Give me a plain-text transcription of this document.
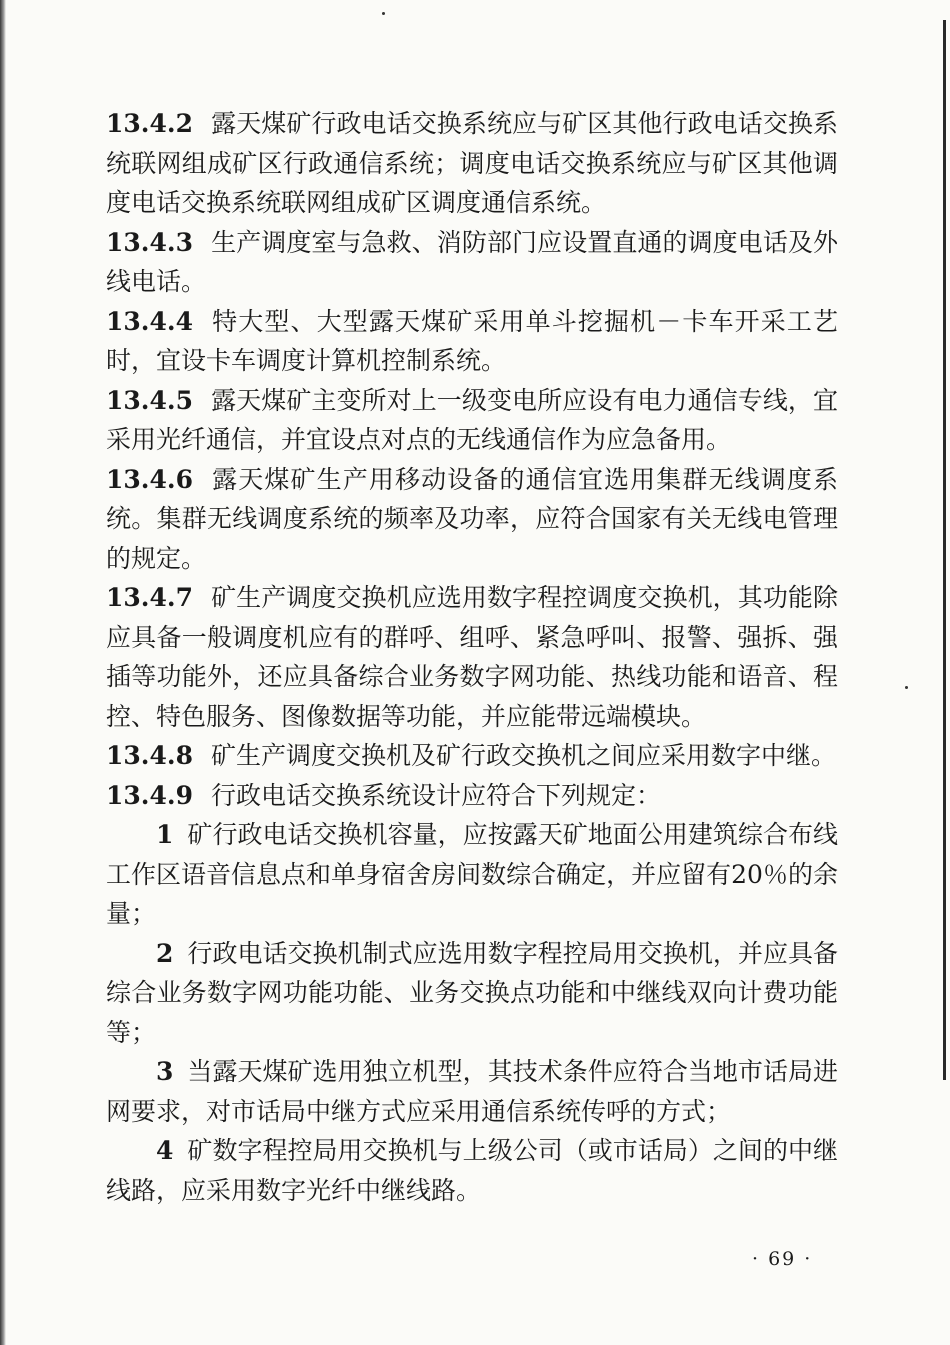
13.4.2 露天煤矿行政电话交换系统应与矿区其他行政电话交换系统联网组成矿区行政通信系统；调度电话交换系统应与矿区其他调度电话交换系统联网组成矿区调度通信系统。

13.4.3 生产调度室与急救、消防部门应设置直通的调度电话及外线电话。

13.4.4 特大型、大型露天煤矿采用单斗挖掘机－卡车开采工艺时，宜设卡车调度计算机控制系统。

13.4.5 露天煤矿主变所对上一级变电所应设有电力通信专线，宜采用光纤通信，并宜设点对点的无线通信作为应急备用。

13.4.6 露天煤矿生产用移动设备的通信宜选用集群无线调度系统。集群无线调度系统的频率及功率，应符合国家有关无线电管理的规定。

13.4.7 矿生产调度交换机应选用数字程控调度交换机，其功能除应具备一般调度机应有的群呼、组呼、紧急呼叫、报警、强拆、强插等功能外，还应具备综合业务数字网功能、热线功能和语音、程控、特色服务、图像数据等功能，并应能带远端模块。

13.4.8 矿生产调度交换机及矿行政交换机之间应采用数字中继。

13.4.9 行政电话交换系统设计应符合下列规定：

1 矿行政电话交换机容量，应按露天矿地面公用建筑综合布线工作区语音信息点和单身宿舍房间数综合确定，并应留有20％的余量；

2 行政电话交换机制式应选用数字程控局用交换机，并应具备综合业务数字网功能功能、业务交换点功能和中继线双向计费功能等；

3 当露天煤矿选用独立机型，其技术条件应符合当地市话局进网要求，对市话局中继方式应采用通信系统传呼的方式；

4 矿数字程控局用交换机与上级公司（或市话局）之间的中继线路，应采用数字光纤中继线路。

· 69 ·
